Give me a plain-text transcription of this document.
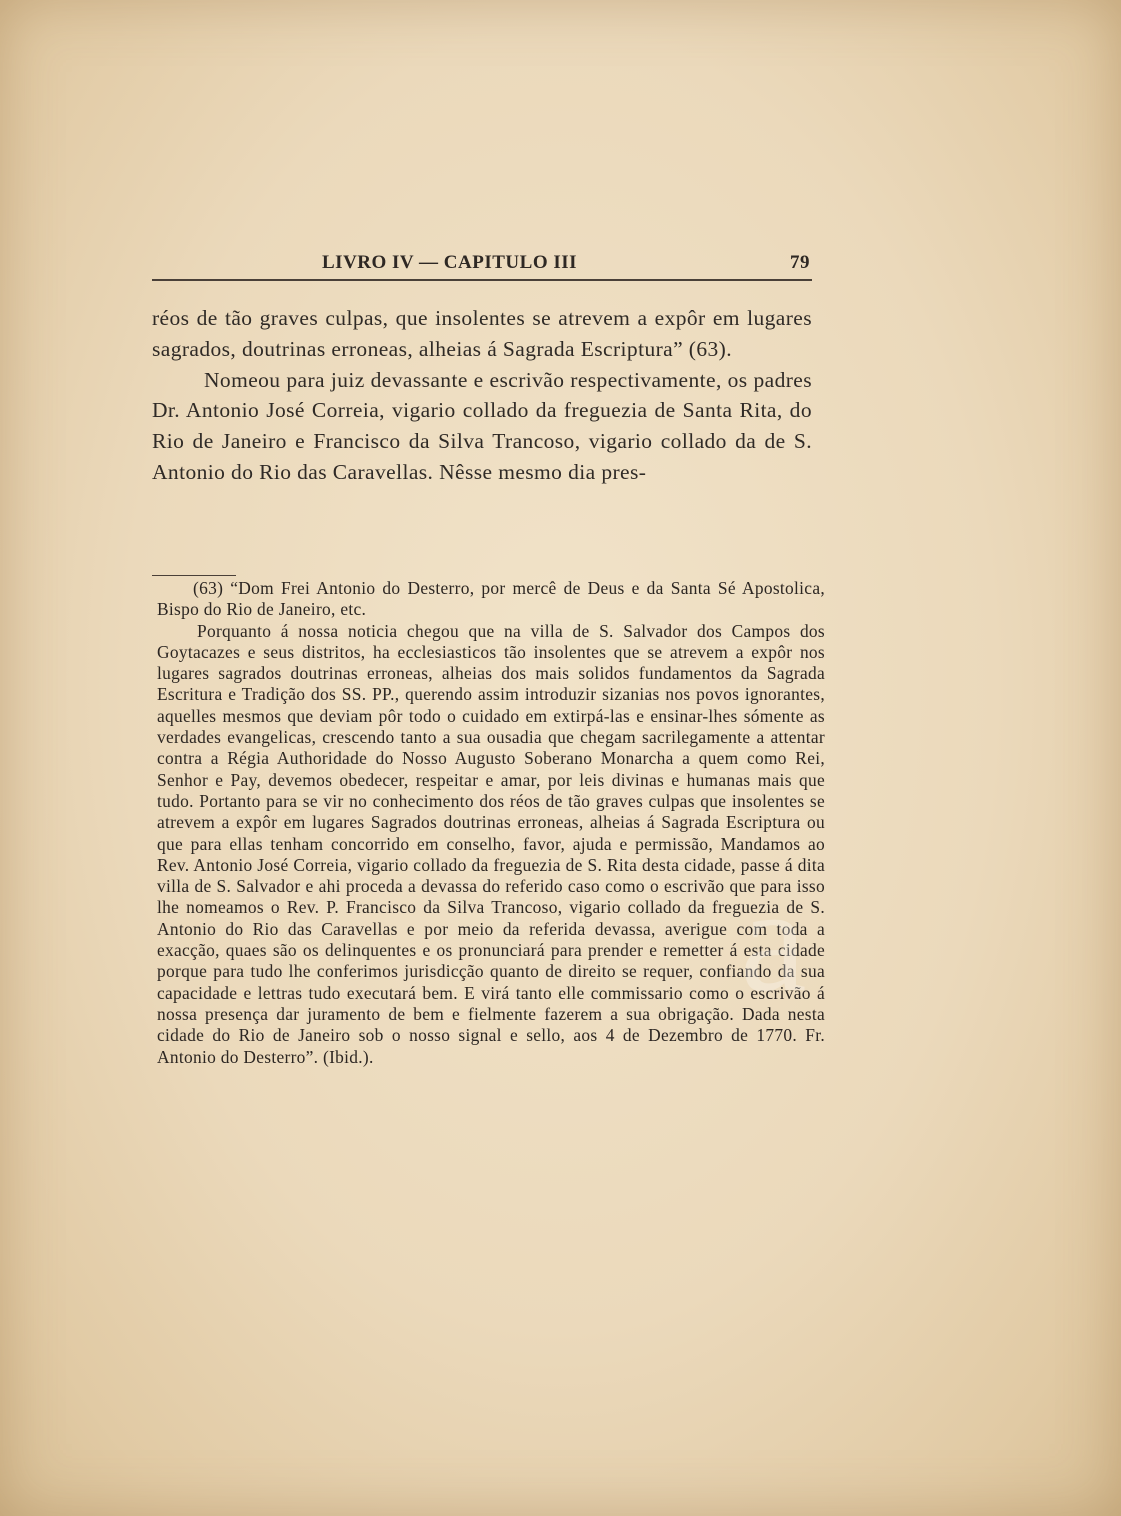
LIVRO IV — CAPITULO III	79

réos de tão graves culpas, que insolentes se atrevem a expôr em lugares sagrados, doutrinas erroneas, alheias á Sagrada Escriptura” (63).

Nomeou para juiz devassante e escrivão respectivamente, os padres Dr. Antonio José Correia, vigario collado da freguezia de Santa Rita, do Rio de Janeiro e Francisco da Silva Trancoso, vigario collado da de S. Antonio do Rio das Caravellas. Nêsse mesmo dia pres-

(63) “Dom Frei Antonio do Desterro, por mercê de Deus e da Santa Sé Apostolica, Bispo do Rio de Janeiro, etc.

Porquanto á nossa noticia chegou que na villa de S. Salvador dos Campos dos Goytacazes e seus distritos, ha ecclesiasticos tão insolentes que se atrevem a expôr nos lugares sagrados doutrinas erroneas, alheias dos mais solidos fundamentos da Sagrada Escritura e Tradição dos SS. PP., querendo assim introduzir sizanias nos povos ignorantes, aquelles mesmos que deviam pôr todo o cuidado em extirpá-las e ensinar-lhes sómente as verdades evangelicas, crescendo tanto a sua ousadia que chegam sacrilegamente a attentar contra a Régia Authoridade do Nosso Augusto Soberano Monarcha a quem como Rei, Senhor e Pay, devemos obedecer, respeitar e amar, por leis divinas e humanas mais que tudo. Portanto para se vir no conhecimento dos réos de tão graves culpas que insolentes se atrevem a expôr em lugares Sagrados doutrinas erroneas, alheias á Sagrada Escriptura ou que para ellas tenham concorrido em conselho, favor, ajuda e permissão, Mandamos ao Rev. Antonio José Correia, vigario collado da freguezia de S. Rita desta cidade, passe á dita villa de S. Salvador e ahi proceda a devassa do referido caso como o escrivão que para isso lhe nomeamos o Rev. P. Francisco da Silva Trancoso, vigario collado da freguezia de S. Antonio do Rio das Caravellas e por meio da referida devassa, averigue com toda a exacção, quaes são os delinquentes e os pronunciará para prender e remetter á esta cidade porque para tudo lhe conferimos jurisdicção quanto de direito se requer, confiando da sua capacidade e lettras tudo executará bem. E virá tanto elle commissario como o escrivão á nossa presença dar juramento de bem e fielmente fazerem a sua obrigação. Dada nesta cidade do Rio de Janeiro sob o nosso signal e sello, aos 4 de Dezembro de 1770. Fr. Antonio do Desterro”. (Ibid.).

a
